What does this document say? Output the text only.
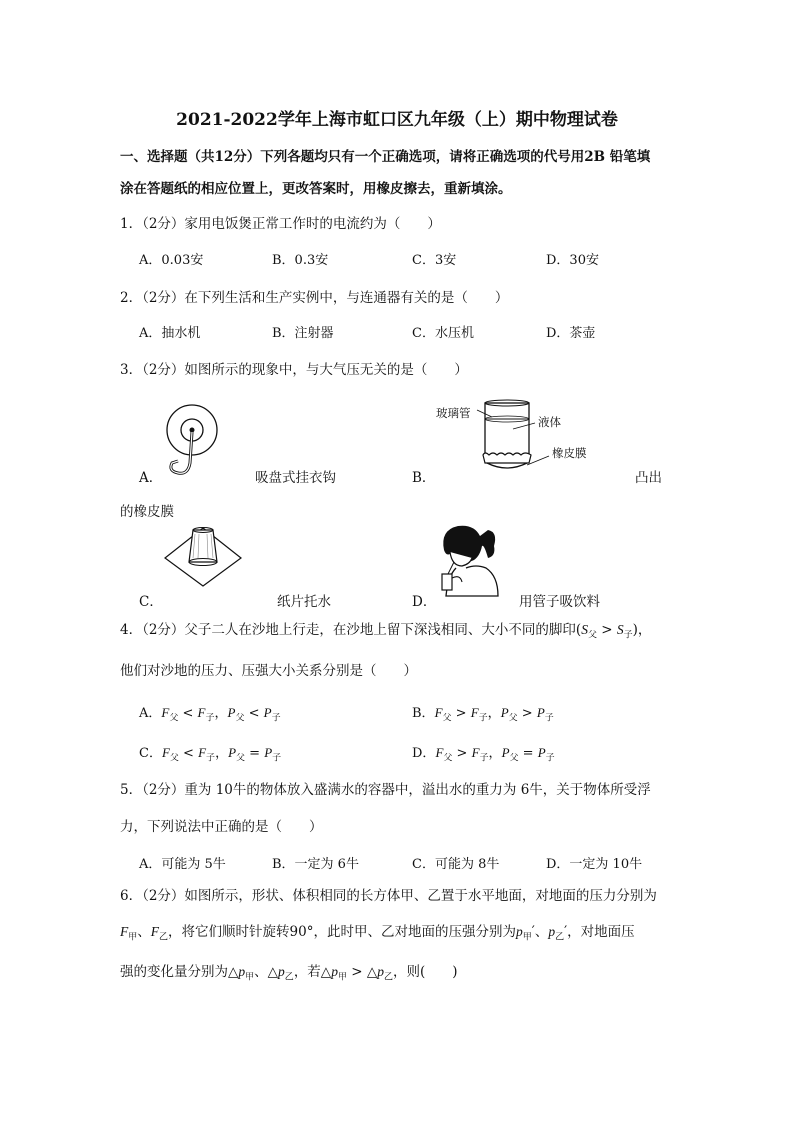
2021-2022学年上海市虹口区九年级（上）期中物理试卷
一、选择题（共12分）下列各题均只有一个正确选项，请将正确选项的代号用2B 铅笔填
涂在答题纸的相应位置上，更改答案时，用橡皮擦去，重新填涂。
1．（2分）家用电饭煲正常工作时的电流约为（　　）
A．0.03安	B．0.3安	C．3安	D．30安
2．（2分）在下列生活和生产实例中，与连通器有关的是（　　）
A．抽水机	B．注射器	C．水压机	D．茶壶
3．（2分）如图所示的现象中，与大气压无关的是（　　）
A．	吸盘式挂衣钩
玻璃管
液体
橡皮膜
B．	凸出
的橡皮膜
C．	纸片托水	D．	用管子吸饮料
4．（2分）父子二人在沙地上行走，在沙地上留下深浅相同、大小不同的脚印$(S_父 > S_子)$，
他们对沙地的压力、压强大小关系分别是（　　）
A．$F_父 < F_子$，$P_父 < P_子$	B．$F_父 > F_子$，$P_父 > P_子$
C．$F_父 < F_子$，$P_父 = P_子$	D．$F_父 > F_子$，$P_父 = P_子$
5．（2分）重为 10牛的物体放入盛满水的容器中，溢出水的重力为 6牛，关于物体所受浮
力，下列说法中正确的是（　　）
A．可能为 5牛	B．一定为 6牛	C．可能为 8牛	D．一定为 10牛
6．（2分）如图所示，形状、体积相同的长方体甲、乙置于水平地面，对地面的压力分别为
$F_甲$、$F_乙$，将它们顺时针旋转90°，此时甲、乙对地面的压强分别为$p_甲'$、$p_乙'$，对地面压
强的变化量分别为$\triangle p_甲$、$\triangle p_乙$，若$\triangle p_甲$ > $\triangle p_乙$，则(　　)
